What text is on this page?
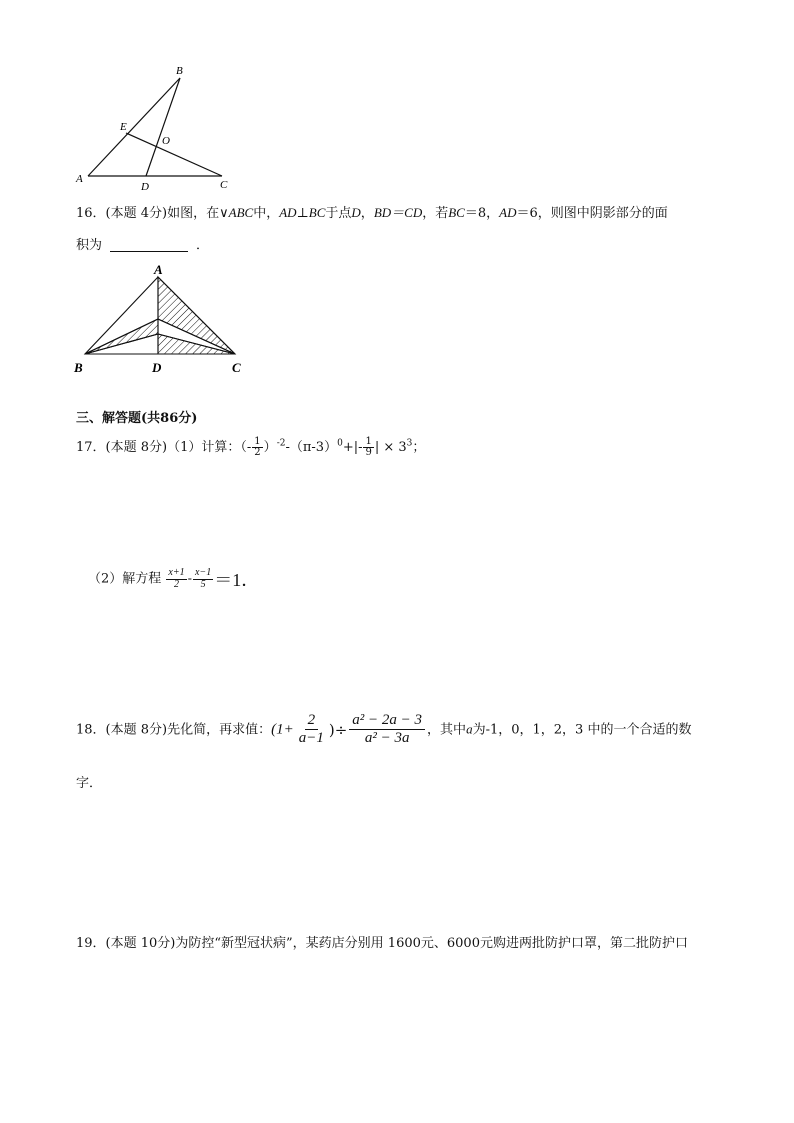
B
E
O
A
D	C
16．(本题 4分)如图，在∨ABC中，AD⊥BC于点D，BD＝CD，若BC＝8，AD＝6，则图中阴影部分的面
积为	．
A
B	D	C
三、解答题(共86分)
17．(本题 8分)（1）计算：（- $\frac{1}{2} )^{-2}-(\pi-3)^0+|- \frac{1}{9}$ | × $3^3$；
（2）解方程 $\frac{x+1}{2} - \frac{x-1}{5} =1$．
18．(本题 8分)先化简，再求值：($1+ \frac{2}{a-1}$ )÷ $\frac{\text{a² − 2a − 3}}{\text{a² − 3a}}$ ，其中a为-1，0，1，2，3 中的一个合适的数
字．
19．(本题 10分)为防控“新型冠状病”，某药店分别用 1600元、6000元购进两批防护口罩，第二批防护口
